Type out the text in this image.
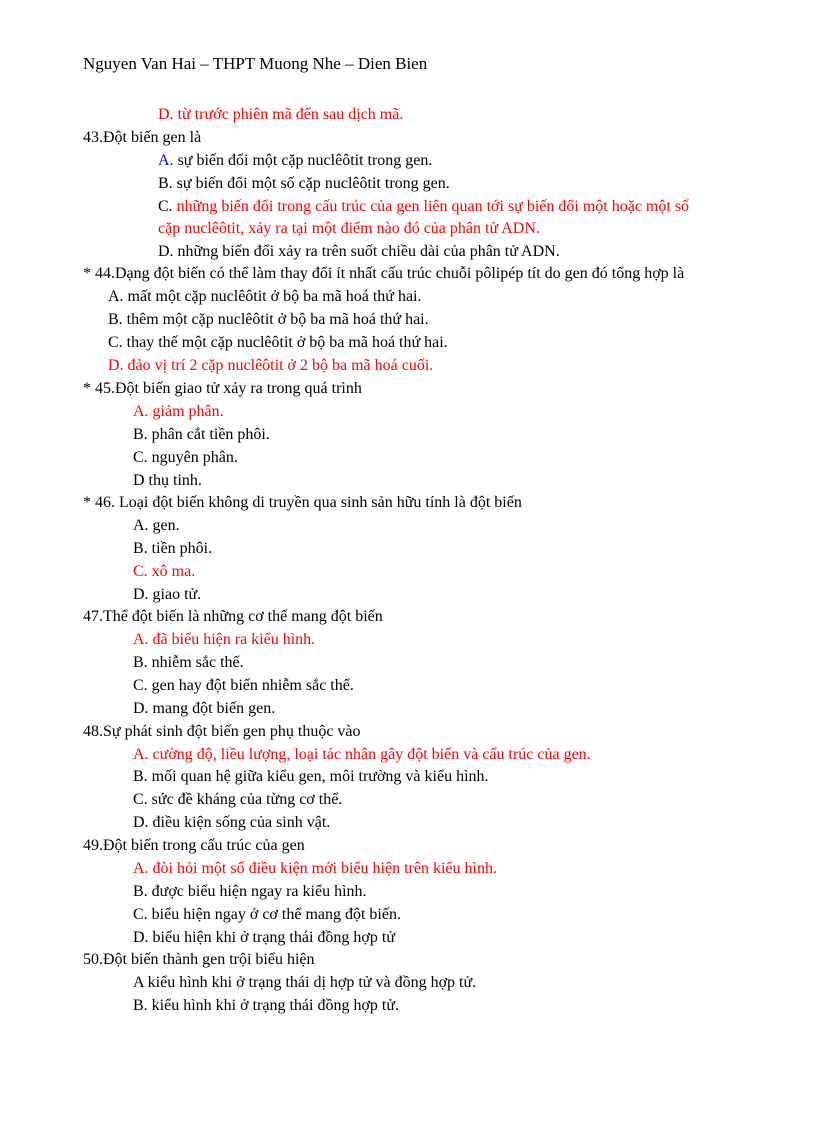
Nguyen Van Hai – THPT Muong Nhe – Dien Bien
D. từ trước phiên mã đến sau dịch mã.
43.Đột biến gen là
A. sự biến đổi một cặp nuclêôtit trong gen.
B. sự biến đổi một số cặp nuclêôtit trong gen.
C. những biến đổi trong cấu trúc của gen liên quan tới sự biến đổi một hoặc một số
cặp nuclêôtit, xảy ra tại một điểm nào đó của phân tử ADN.
D. những biến đổi xảy ra trên suốt chiều dài của phân tử ADN.
* 44.Dạng đột biến có thể làm thay đổi ít nhất cấu trúc chuỗi pôlipép tít do gen đó tổng hợp là
A. mất một cặp nuclêôtit ở bộ ba mã hoá thứ hai.
B. thêm một cặp nuclêôtit ở bộ ba mã hoá thứ hai.
C. thay thế một cặp nuclêôtit ở bộ ba mã hoá thứ hai.
D. đảo vị trí 2 cặp nuclêôtit ở 2 bộ ba mã hoá cuối.
* 45.Đột biến giao tử xảy ra trong quá trình
A. giảm phân.
B. phân cắt tiền phôi.
C. nguyên phân.
D thụ tinh.
* 46. Loại đột biến không di truyền qua sinh sản hữu tính là đột biến
A. gen.
B. tiền phôi.
C. xô ma.
D. giao tử.
47.Thể đột biến là những cơ thể mang đột biến
A. đã biểu hiện ra kiểu hình.
B. nhiễm sắc thể.
C. gen hay đột biến nhiễm sắc thể.
D. mang đột biến gen.
48.Sự phát sinh đột biến gen phụ thuộc vào
A. cường độ, liều lượng, loại tác nhân gây đột biến và cấu trúc của gen.
B. mối quan hệ giữa kiểu gen, môi trường và kiểu hình.
C. sức đề kháng của từng cơ thể.
D. điều kiện sống của sinh vật.
49.Đột biến trong cấu trúc của gen
A. đòi hỏi một số điều kiện mới biểu hiện trên kiểu hình.
B. được biểu hiện ngay ra kiểu hình.
C. biểu hiện ngay ở cơ thể mang đột biến.
D. biểu hiện khi ở trạng thái đồng hợp tử
50.Đột biến thành gen trội biểu hiện
A kiểu hình khi ở trạng thái dị hợp tử và đồng hợp tử.
B. kiểu hình khi ở trạng thái đồng hợp tử.
